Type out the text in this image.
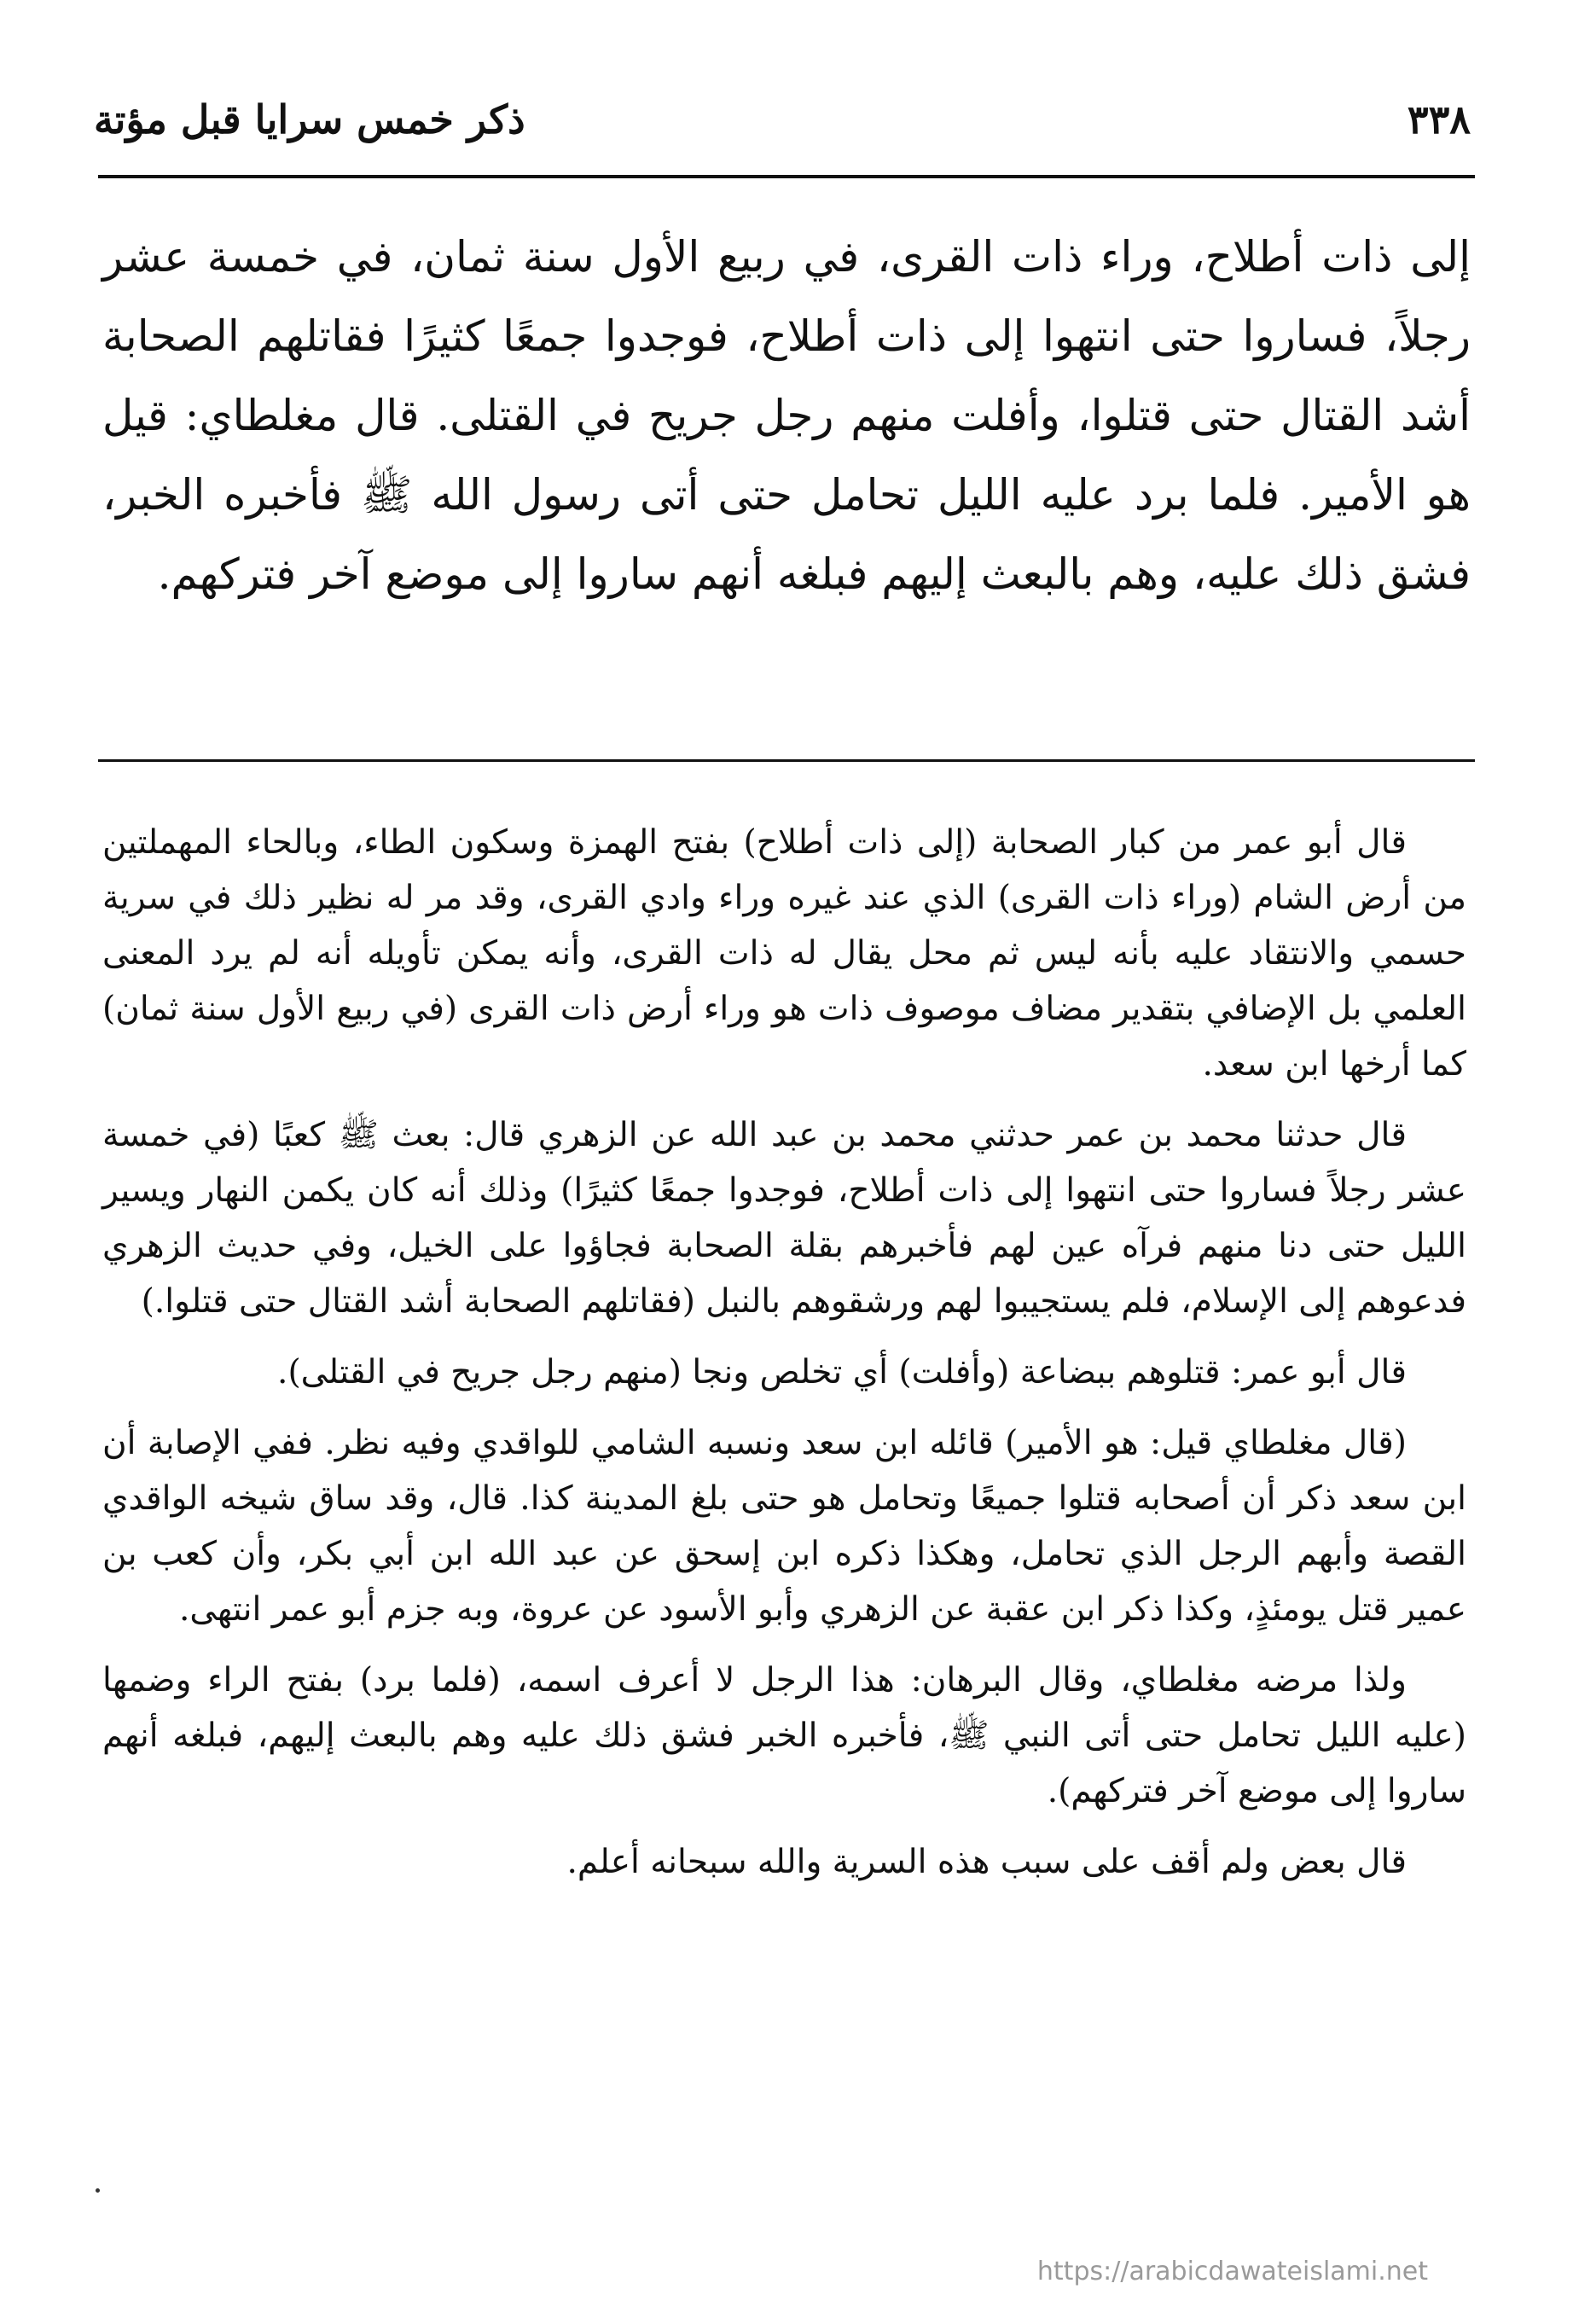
ذكر خمس سرايا قبل مؤتة	٣٣٨

إلى ذات أطلاح، وراء ذات القرى، في ربيع الأول سنة ثمان، في خمسة عشر رجلاً، فساروا حتى انتهوا إلى ذات أطلاح، فوجدوا جمعًا كثيرًا فقاتلهم الصحابة أشد القتال حتى قتلوا، وأفلت منهم رجل جريح في القتلى. قال مغلطاي: قيل هو الأمير. فلما برد عليه الليل تحامل حتى أتى رسول الله ﷺ فأخبره الخبر، فشق ذلك عليه، وهم بالبعث إليهم فبلغه أنهم ساروا إلى موضع آخر فتركهم.

قال أبو عمر من كبار الصحابة (إلى ذات أطلاح) بفتح الهمزة وسكون الطاء، وبالحاء المهملتين من أرض الشام (وراء ذات القرى) الذي عند غيره وراء وادي القرى، وقد مر له نظير ذلك في سرية حسمي والانتقاد عليه بأنه ليس ثم محل يقال له ذات القرى، وأنه يمكن تأويله أنه لم يرد المعنى العلمي بل الإضافي بتقدير مضاف موصوف ذات هو وراء أرض ذات القرى (في ربيع الأول سنة ثمان) كما أرخها ابن سعد.

قال حدثنا محمد بن عمر حدثني محمد بن عبد الله عن الزهري قال: بعث ﷺ كعبًا (في خمسة عشر رجلاً فساروا حتى انتهوا إلى ذات أطلاح، فوجدوا جمعًا كثيرًا) وذلك أنه كان يكمن النهار ويسير الليل حتى دنا منهم فرآه عين لهم فأخبرهم بقلة الصحابة فجاؤوا على الخيل، وفي حديث الزهري فدعوهم إلى الإسلام، فلم يستجيبوا لهم ورشقوهم بالنبل (فقاتلهم الصحابة أشد القتال حتى قتلوا.)

قال أبو عمر: قتلوهم ببضاعة (وأفلت) أي تخلص ونجا (منهم رجل جريح في القتلى).

(قال مغلطاي قيل: هو الأمير) قائله ابن سعد ونسبه الشامي للواقدي وفيه نظر. ففي الإصابة أن ابن سعد ذكر أن أصحابه قتلوا جميعًا وتحامل هو حتى بلغ المدينة كذا. قال، وقد ساق شيخه الواقدي القصة وأبهم الرجل الذي تحامل، وهكذا ذكره ابن إسحق عن عبد الله ابن أبي بكر، وأن كعب بن عمير قتل يومئذٍ، وكذا ذكر ابن عقبة عن الزهري وأبو الأسود عن عروة، وبه جزم أبو عمر انتهى.

ولذا مرضه مغلطاي، وقال البرهان: هذا الرجل لا أعرف اسمه، (فلما برد) بفتح الراء وضمها (عليه الليل تحامل حتى أتى النبي ﷺ، فأخبره الخبر فشق ذلك عليه وهم بالبعث إليهم، فبلغه أنهم ساروا إلى موضع آخر فتركهم).

قال بعض ولم أقف على سبب هذه السرية والله سبحانه أعلم.

https://arabicdawateislami.net
